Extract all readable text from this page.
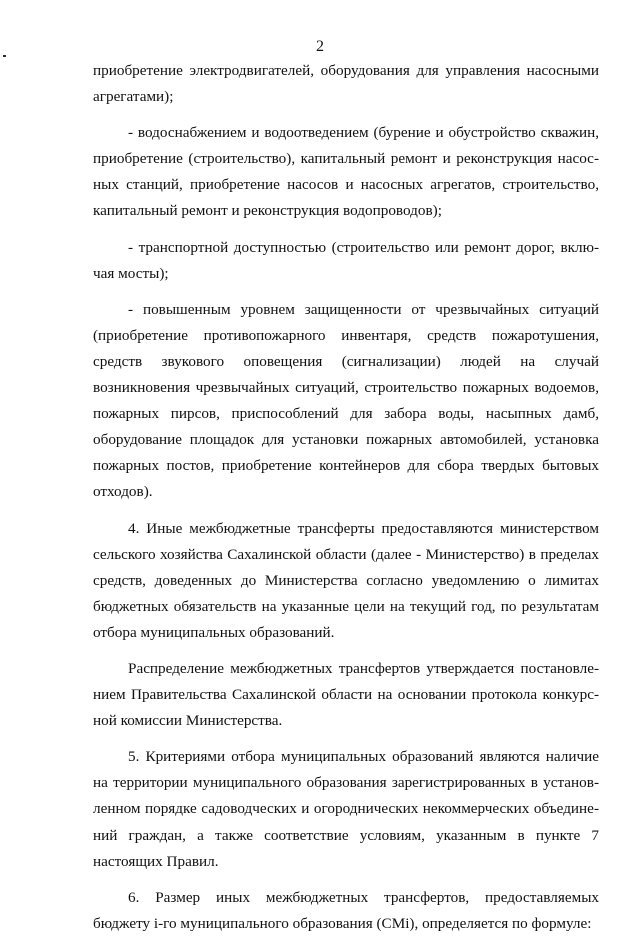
2

приобретение электродвигателей, оборудования для управления насосными агрегатами);

- водоснабжением и водоотведением (бурение и обустройство скважин, приобретение (строительство), капитальный ремонт и реконструкция насосных станций, приобретение насосов и насосных агрегатов, строительство, капитальный ремонт и реконструкция водопроводов);

- транспортной доступностью (строительство или ремонт дорог, включая мосты);

- повышенным уровнем защищенности от чрезвычайных ситуаций (приобретение противопожарного инвентаря, средств пожаротушения, средств звукового оповещения (сигнализации) людей на случай возникновения чрезвычайных ситуаций, строительство пожарных водоемов, пожарных пирсов, приспособлений для забора воды, насыпных дамб, оборудование площадок для установки пожарных автомобилей, установка пожарных постов, приобретение контейнеров для сбора твердых бытовых отходов).

4. Иные межбюджетные трансферты предоставляются министерством сельского хозяйства Сахалинской области (далее - Министерство) в пределах средств, доведенных до Министерства согласно уведомлению о лимитах бюджетных обязательств на указанные цели на текущий год, по результатам отбора муниципальных образований.

Распределение межбюджетных трансфертов утверждается постановлением Правительства Сахалинской области на основании протокола конкурсной комиссии Министерства.

5. Критериями отбора муниципальных образований являются наличие на территории муниципального образования зарегистрированных в установленном порядке садоводческих и огороднических некоммерческих объединений граждан, а также соответствие условиям, указанным в пункте 7 настоящих Правил.

6. Размер иных межбюджетных трансфертов, предоставляемых бюджету i-го муниципального образования (СМі), определяется по формуле:
